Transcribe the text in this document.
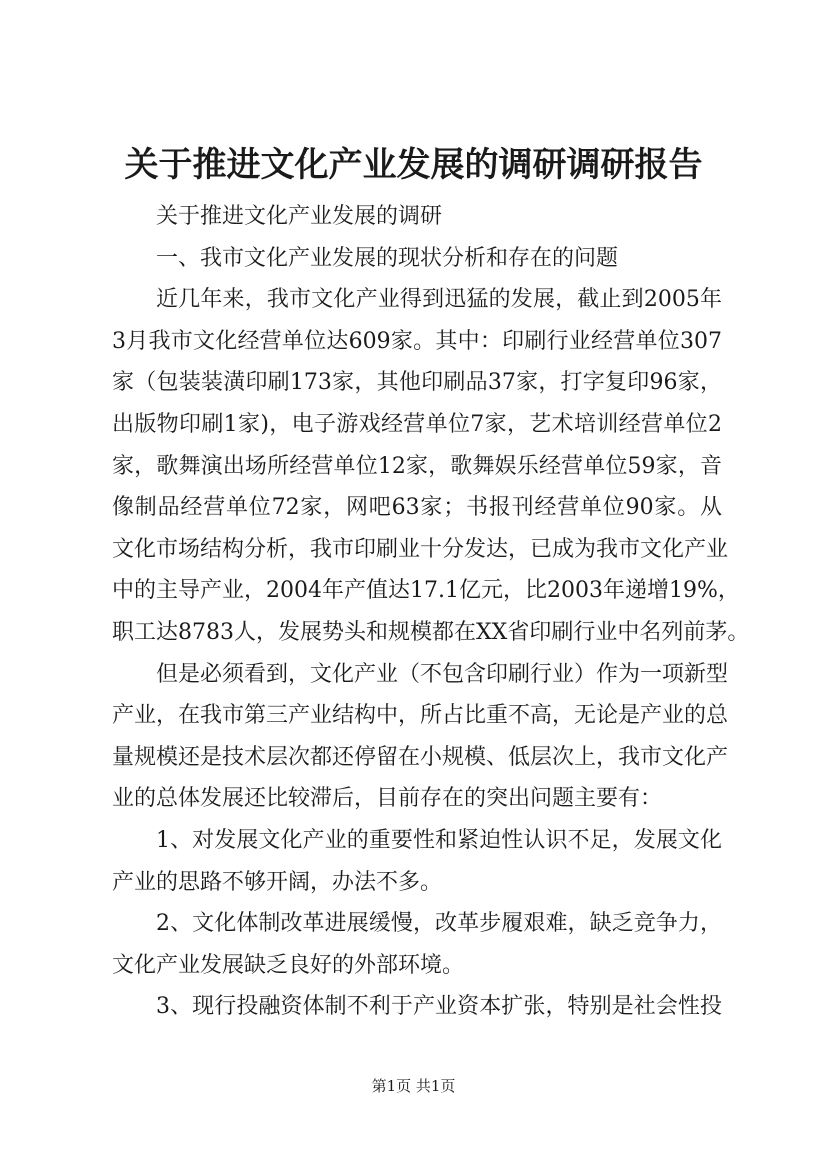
关于推进文化产业发展的调研调研报告
关于推进文化产业发展的调研
一、我市文化产业发展的现状分析和存在的问题
近几年来，我市文化产业得到迅猛的发展，截止到2005年
3月我市文化经营单位达609家。其中：印刷行业经营单位307
家（包装装潢印刷173家，其他印刷品37家，打字复印96家，
出版物印刷1家)，电子游戏经营单位7家，艺术培训经营单位2
家，歌舞演出场所经营单位12家，歌舞娱乐经营单位59家，音
像制品经营单位72家，网吧63家；书报刊经营单位90家。从
文化市场结构分析，我市印刷业十分发达，已成为我市文化产业
中的主导产业，2004年产值达17.1亿元，比2003年递增19%，
职工达8783人，发展势头和规模都在XX省印刷行业中名列前茅。
但是必须看到，文化产业（不包含印刷行业）作为一项新型
产业，在我市第三产业结构中，所占比重不高，无论是产业的总
量规模还是技术层次都还停留在小规模、低层次上，我市文化产
业的总体发展还比较滞后，目前存在的突出问题主要有：
1、对发展文化产业的重要性和紧迫性认识不足，发展文化
产业的思路不够开阔，办法不多。
2、文化体制改革进展缓慢，改革步履艰难，缺乏竞争力，
文化产业发展缺乏良好的外部环境。
3、现行投融资体制不利于产业资本扩张，特别是社会性投
第1页 共1页
